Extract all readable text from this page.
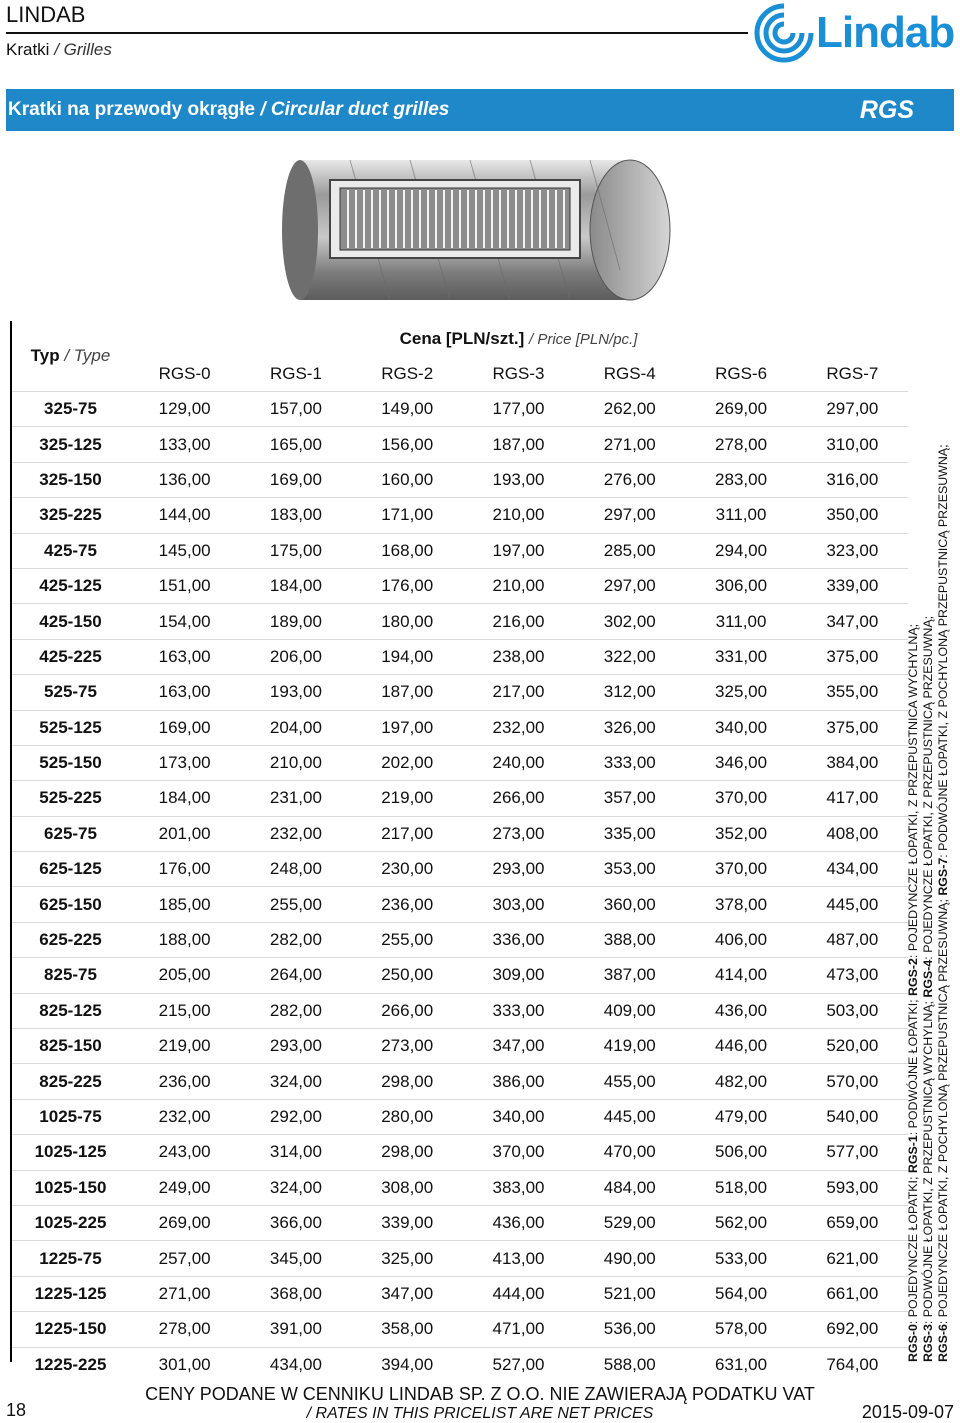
LINDAB
Kratki / Grilles	Lindab
Kratki na przewody okrągłe / Circular duct grilles	RGS
Typ / Type	Cena [PLN/szt.] / Price [PLN/pc.]						
	RGS-0	RGS-1	RGS-2	RGS-3	RGS-4	RGS-6	RGS-7
325-75	129,00	157,00	149,00	177,00	262,00	269,00	297,00
325-125	133,00	165,00	156,00	187,00	271,00	278,00	310,00
325-150	136,00	169,00	160,00	193,00	276,00	283,00	316,00
325-225	144,00	183,00	171,00	210,00	297,00	311,00	350,00
425-75	145,00	175,00	168,00	197,00	285,00	294,00	323,00
425-125	151,00	184,00	176,00	210,00	297,00	306,00	339,00
425-150	154,00	189,00	180,00	216,00	302,00	311,00	347,00
425-225	163,00	206,00	194,00	238,00	322,00	331,00	375,00
525-75	163,00	193,00	187,00	217,00	312,00	325,00	355,00
525-125	169,00	204,00	197,00	232,00	326,00	340,00	375,00
525-150	173,00	210,00	202,00	240,00	333,00	346,00	384,00
525-225	184,00	231,00	219,00	266,00	357,00	370,00	417,00
625-75	201,00	232,00	217,00	273,00	335,00	352,00	408,00
625-125	176,00	248,00	230,00	293,00	353,00	370,00	434,00
625-150	185,00	255,00	236,00	303,00	360,00	378,00	445,00
625-225	188,00	282,00	255,00	336,00	388,00	406,00	487,00
825-75	205,00	264,00	250,00	309,00	387,00	414,00	473,00
825-125	215,00	282,00	266,00	333,00	409,00	436,00	503,00
825-150	219,00	293,00	273,00	347,00	419,00	446,00	520,00
825-225	236,00	324,00	298,00	386,00	455,00	482,00	570,00
1025-75	232,00	292,00	280,00	340,00	445,00	479,00	540,00
1025-125	243,00	314,00	298,00	370,00	470,00	506,00	577,00
1025-150	249,00	324,00	308,00	383,00	484,00	518,00	593,00
1025-225	269,00	366,00	339,00	436,00	529,00	562,00	659,00
1225-75	257,00	345,00	325,00	413,00	490,00	533,00	621,00
1225-125	271,00	368,00	347,00	444,00	521,00	564,00	661,00
1225-150	278,00	391,00	358,00	471,00	536,00	578,00	692,00
1225-225	301,00	434,00	394,00	527,00	588,00	631,00	764,00
RGS-0: POJEDYNCZE ŁOPATKI; RGS-1: PODWÓJNE ŁOPATKI; RGS-2: POJEDYNCZE ŁOPATKI, Z PRZEPUSTNICA WYCHYLNĄ;
RGS-3: PODWÓJNE ŁOPATKI, Z PRZEPUSTNICĄ WYCHYLNĄ; RGS-4: POJEDYNCZE ŁOPATKI, Z PRZEPUSTNICĄ PRZESUWNĄ;
RGS-6: POJEDYNCZE ŁOPATKI, Z POCHYLONĄ PRZEPUSTNICĄ PRZESUWNĄ; RGS-7: PODWÓJNE ŁOPATKI, Z POCHYLONĄ PRZEPUSTNICĄ PRZESUWNĄ;
18
CENY PODANE W CENNIKU LINDAB SP. Z O.O. NIE ZAWIERAJĄ PODATKU VAT
/ RATES IN THIS PRICELIST ARE NET PRICES	2015-09-07
